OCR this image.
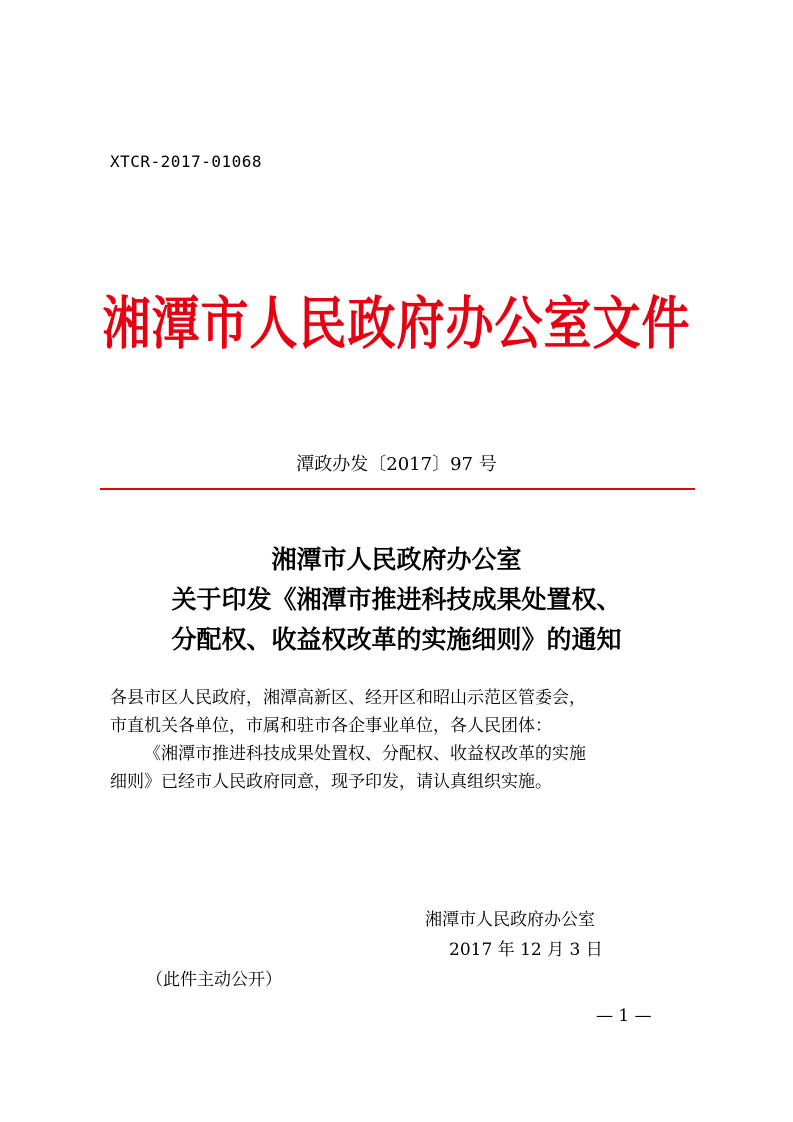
XTCR-2017-01068
湘潭市人民政府办公室文件
潭政办发〔2017〕97 号
湘潭市人民政府办公室
关于印发《湘潭市推进科技成果处置权、
分配权、收益权改革的实施细则》的通知
各县市区人民政府，湘潭高新区、经开区和昭山示范区管委会，
市直机关各单位，市属和驻市各企事业单位，各人民团体：
《湘潭市推进科技成果处置权、分配权、收益权改革的实施
细则》已经市人民政府同意，现予印发，请认真组织实施。
湘潭市人民政府办公室
2017 年 12 月 3 日
（此件主动公开）
— 1 —
